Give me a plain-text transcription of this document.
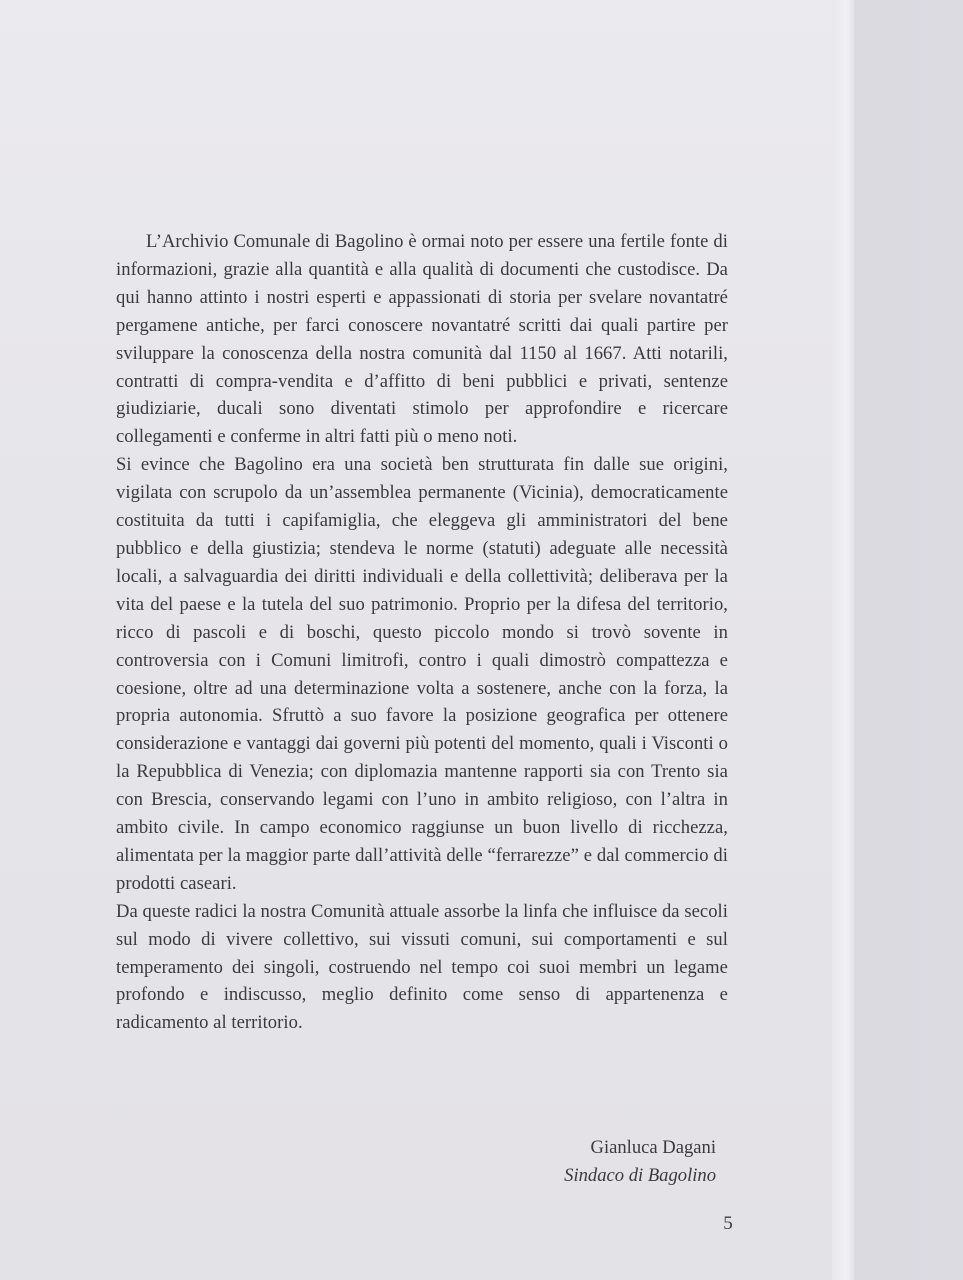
L’Archivio Comunale di Bagolino è ormai noto per essere una fertile fonte di informazioni, grazie alla quantità e alla qualità di documenti che custodisce. Da qui hanno attinto i nostri esperti e appassionati di storia per svelare novantatré pergamene antiche, per farci conoscere novantatré scritti dai quali partire per sviluppare la conoscenza della nostra comunità dal 1150 al 1667. Atti notarili, contratti di compra-vendita e d’affitto di beni pubblici e privati, sentenze giudiziarie, ducali sono diventati stimolo per approfondire e ricercare collegamenti e conferme in altri fatti più o meno noti.

Si evince che Bagolino era una società ben strutturata fin dalle sue origini, vigilata con scrupolo da un’assemblea permanente (Vicinia), democraticamente costituita da tutti i capifamiglia, che eleggeva gli amministratori del bene pubblico e della giustizia; stendeva le norme (statuti) adeguate alle necessità locali, a salvaguardia dei diritti individuali e della collettività; deliberava per la vita del paese e la tutela del suo patrimonio. Proprio per la difesa del territorio, ricco di pascoli e di boschi, questo piccolo mondo si trovò sovente in controversia con i Comuni limitrofi, contro i quali dimostrò compattezza e coesione, oltre ad una determinazione volta a sostenere, anche con la forza, la propria autonomia. Sfruttò a suo favore la posizione geografica per ottenere considerazione e vantaggi dai governi più potenti del momento, quali i Visconti o la Repubblica di Venezia; con diplomazia mantenne rapporti sia con Trento sia con Brescia, conservando legami con l’uno in ambito religioso, con l’altra in ambito civile. In campo economico raggiunse un buon livello di ricchezza, alimentata per la maggior parte dall’attività delle “ferrarezze” e dal commercio di prodotti caseari.

Da queste radici la nostra Comunità attuale assorbe la linfa che influisce da secoli sul modo di vivere collettivo, sui vissuti comuni, sui comportamenti e sul temperamento dei singoli, costruendo nel tempo coi suoi membri un legame profondo e indiscusso, meglio definito come senso di appartenenza e radicamento al territorio.

Gianluca Dagani
Sindaco di Bagolino
5
